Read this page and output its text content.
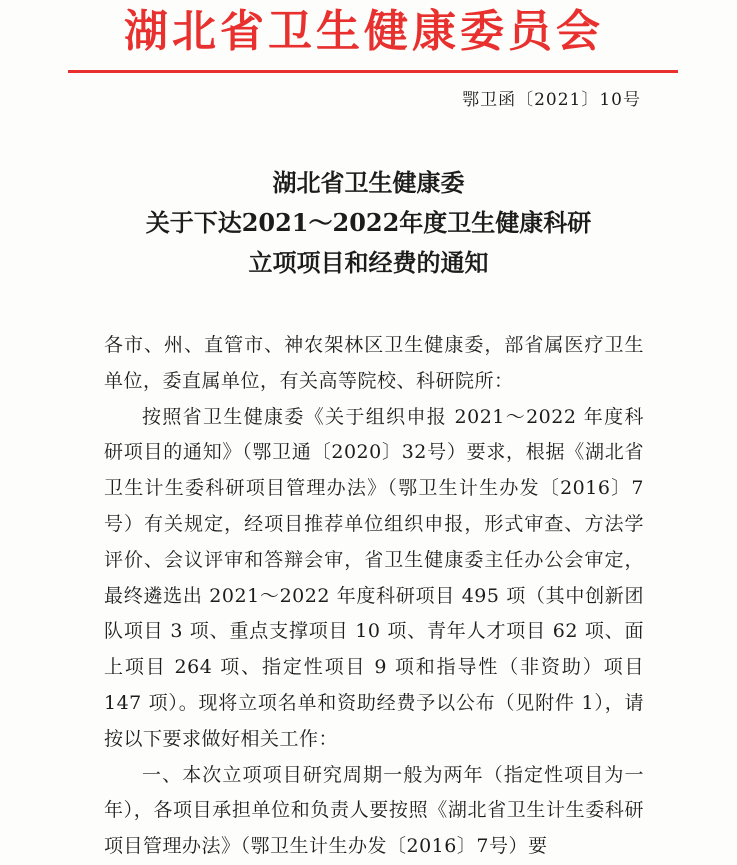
湖北省卫生健康委员会
鄂卫函〔2021〕10号
湖北省卫生健康委
关于下达2021～2022年度卫生健康科研
立项项目和经费的通知

各市、州、直管市、神农架林区卫生健康委，部省属医疗卫生单位，委直属单位，有关高等院校、科研院所：

按照省卫生健康委《关于组织申报 2021～2022 年度科研项目的通知》（鄂卫通〔2020〕32号）要求，根据《湖北省卫生计生委科研项目管理办法》（鄂卫生计生办发〔2016〕7号）有关规定，经项目推荐单位组织申报，形式审查、方法学评价、会议评审和答辩会审，省卫生健康委主任办公会审定，最终遴选出 2021～2022 年度科研项目 495 项（其中创新团队项目 3 项、重点支撑项目 10 项、青年人才项目 62 项、面上项目 264 项、指定性项目 9 项和指导性（非资助）项目 147 项）。现将立项名单和资助经费予以公布（见附件 1），请按以下要求做好相关工作：

一、本次立项项目研究周期一般为两年（指定性项目为一年），各项目承担单位和负责人要按照《湖北省卫生计生委科研项目管理办法》（鄂卫生计生办发〔2016〕7号）要
